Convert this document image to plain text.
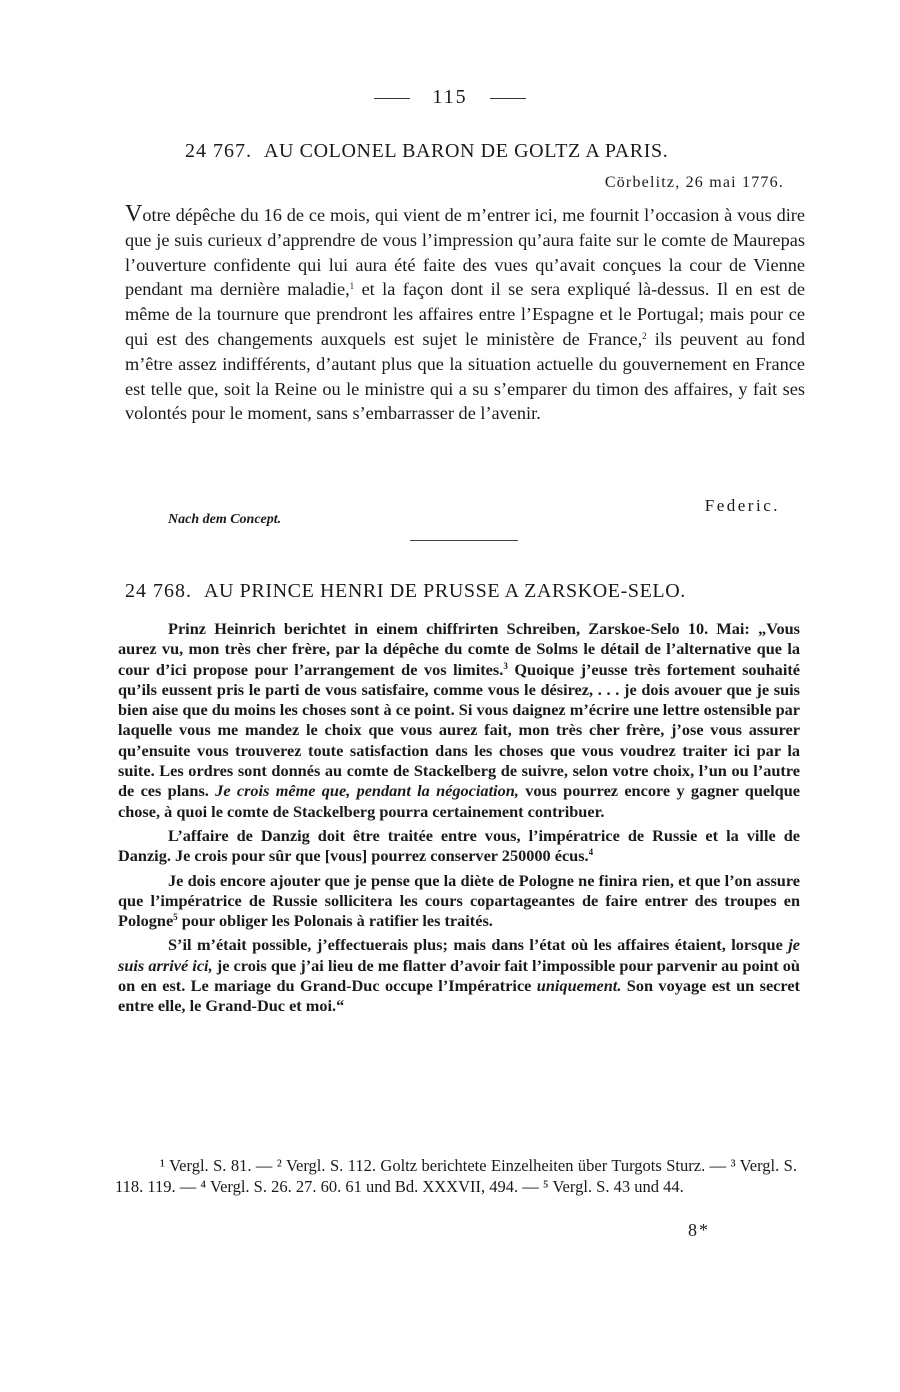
115
24 767. AU COLONEL BARON DE GOLTZ A PARIS.
Cörbelitz, 26 mai 1776.
Votre dépêche du 16 de ce mois, qui vient de m’entrer ici, me fournit l’occasion à vous dire que je suis curieux d’apprendre de vous l’impression qu’aura faite sur le comte de Maurepas l’ouverture confidente qui lui aura été faite des vues qu’avait conçues la cour de Vienne pendant ma dernière maladie,$^1$ et la façon dont il se sera expliqué là-dessus. Il en est de même de la tournure que prendront les affaires entre l’Espagne et le Portugal; mais pour ce qui est des changements auxquels est sujet le ministère de France,$^2$ ils peuvent au fond m’être assez indifférents, d’autant plus que la situation actuelle du gouvernement en France est telle que, soit la Reine ou le ministre qui a su s’emparer du timon des affaires, y fait ses volontés pour le moment, sans s’embarrasser de l’avenir.
Federic.
Nach dem Concept.
24 768. AU PRINCE HENRI DE PRUSSE A ZARSKOE-SELO.

Prinz Heinrich berichtet in einem chiffrirten Schreiben, Zarskoe-Selo 10. Mai: „Vous aurez vu, mon très cher frère, par la dépêche du comte de Solms le détail de l’alternative que la cour d’ici propose pour l’arrangement de vos limites.$^3$ Quoique j’eusse très fortement souhaité qu’ils eussent pris le parti de vous satisfaire, comme vous le désirez, . . . je dois avouer que je suis bien aise que du moins les choses sont à ce point. Si vous daignez m’écrire une lettre ostensible par laquelle vous me mandez le choix que vous aurez fait, mon très cher frère, j’ose vous assurer qu’ensuite vous trouverez toute satisfaction dans les choses que vous voudrez traiter ici par la suite. Les ordres sont donnés au comte de Stackelberg de suivre, selon votre choix, l’un ou l’autre de ces plans. Je crois même que, pendant la négociation, vous pourrez encore y gagner quelque chose, à quoi le comte de Stackelberg pourra certainement contribuer.

L’affaire de Danzig doit être traitée entre vous, l’impératrice de Russie et la ville de Danzig. Je crois pour sûr que [vous] pourrez conserver 250000 écus.$^4$

Je dois encore ajouter que je pense que la diète de Pologne ne finira rien, et que l’on assure que l’impératrice de Russie sollicitera les cours copartageantes de faire entrer des troupes en Pologne$^5$ pour obliger les Polonais à ratifier les traités.

S’il m’était possible, j’effectuerais plus; mais dans l’état où les affaires étaient, lorsque je suis arrivé ici, je crois que j’ai lieu de me flatter d’avoir fait l’impossible pour parvenir au point où on en est. Le mariage du Grand-Duc occupe l’Impératrice uniquement. Son voyage est un secret entre elle, le Grand-Duc et moi.“

¹ Vergl. S. 81. — ² Vergl. S. 112. Goltz berichtete Einzelheiten über Turgots Sturz. — ³ Vergl. S. 118. 119. — ⁴ Vergl. S. 26. 27. 60. 61 und Bd. XXXVII, 494. — ⁵ Vergl. S. 43 und 44.

8*
